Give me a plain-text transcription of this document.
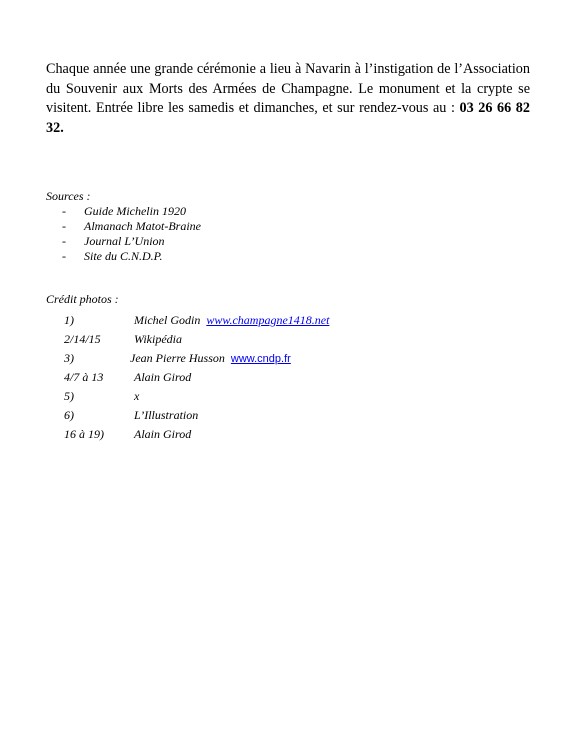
Chaque année une grande cérémonie a lieu à Navarin à l’instigation de l’Association du Souvenir aux Morts des Armées de Champagne. Le monument et la crypte se visitent. Entrée libre les samedis et dimanches, et sur rendez-vous au : 03 26 66 82 32.

Sources :

- Guide Michelin 1920
- Almanach Matot-Braine
- Journal L’Union
- Site du C.N.D.P.

Crédit photos :

1)	Michel Godin www.champagne1418.net
2/14/15	Wikipédia
3)	Jean Pierre Husson www.cndp.fr
4/7 à 13	Alain Girod
5)	x
6)	L’Illustration
16 à 19)	Alain Girod
